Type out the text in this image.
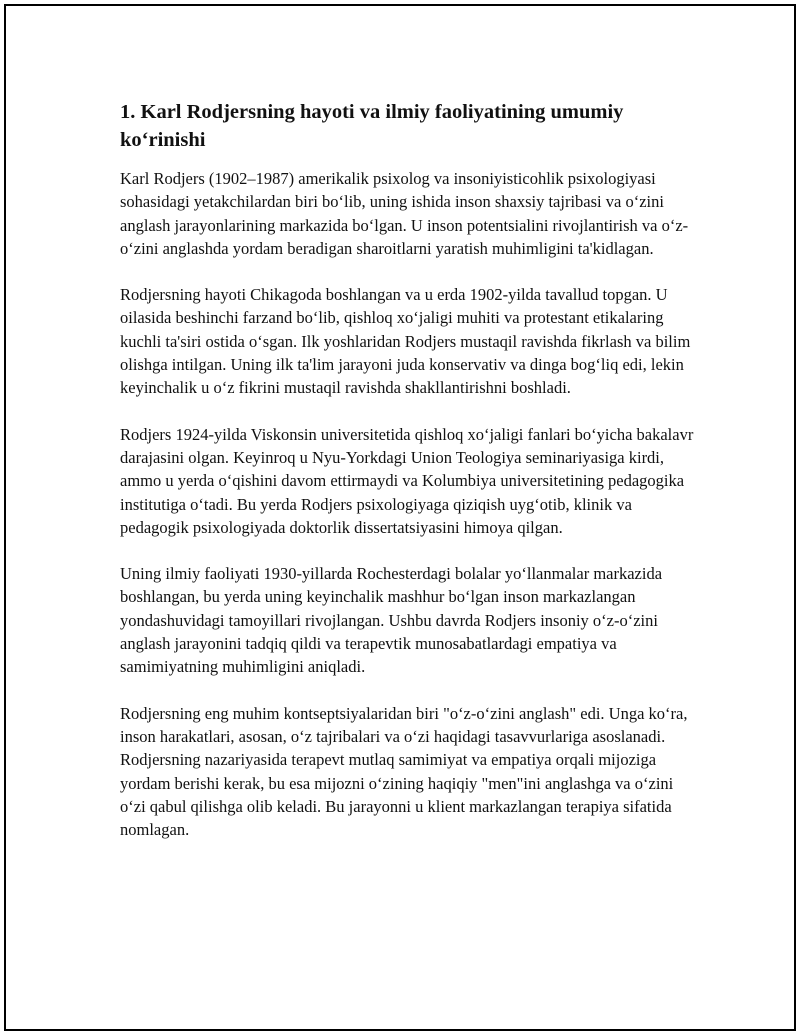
1. Karl Rodjersning hayoti va ilmiy faoliyatining umumiy ko‘rinishi

Karl Rodjers (1902–1987) amerikalik psixolog va insoniyisticohlik psixologiyasi sohasidagi yetakchilardan biri bo‘lib, uning ishida inson shaxsiy tajribasi va o‘zini anglash jarayonlarining markazida bo‘lgan. U inson potentsialini rivojlantirish va o‘z-o‘zini anglashda yordam beradigan sharoitlarni yaratish muhimligini ta'kidlagan.

Rodjersning hayoti Chikagoda boshlangan va u erda 1902-yilda tavallud topgan. U oilasida beshinchi farzand bo‘lib, qishloq xo‘jaligi muhiti va protestant etikalaring kuchli ta'siri ostida o‘sgan. Ilk yoshlaridan Rodjers mustaqil ravishda fikrlash va bilim olishga intilgan. Uning ilk ta'lim jarayoni juda konservativ va dinga bog‘liq edi, lekin keyinchalik u o‘z fikrini mustaqil ravishda shakllantirishni boshladi.

Rodjers 1924-yilda Viskonsin universitetida qishloq xo‘jaligi fanlari bo‘yicha bakalavr darajasini olgan. Keyinroq u Nyu-Yorkdagi Union Teologiya seminariyasiga kirdi, ammo u yerda o‘qishini davom ettirmaydi va Kolumbiya universitetining pedagogika institutiga o‘tadi. Bu yerda Rodjers psixologiyaga qiziqish uyg‘otib, klinik va pedagogik psixologiyada doktorlik dissertatsiyasini himoya qilgan.

Uning ilmiy faoliyati 1930-yillarda Rochesterdagi bolalar yo‘llanmalar markazida boshlangan, bu yerda uning keyinchalik mashhur bo‘lgan inson markazlangan yondashuvidagi tamoyillari rivojlangan. Ushbu davrda Rodjers insoniy o‘z-o‘zini anglash jarayonini tadqiq qildi va terapevtik munosabatlardagi empatiya va samimiyatning muhimligini aniqladi.

Rodjersning eng muhim kontseptsiyalaridan biri "o‘z-o‘zini anglash" edi. Unga ko‘ra, inson harakatlari, asosan, o‘z tajribalari va o‘zi haqidagi tasavvurlariga asoslanadi. Rodjersning nazariyasida terapevt mutlaq samimiyat va empatiya orqali mijoziga yordam berishi kerak, bu esa mijozni o‘zining haqiqiy "men"ini anglashga va o‘zini o‘zi qabul qilishga olib keladi. Bu jarayonni u klient markazlangan terapiya sifatida nomlagan.
